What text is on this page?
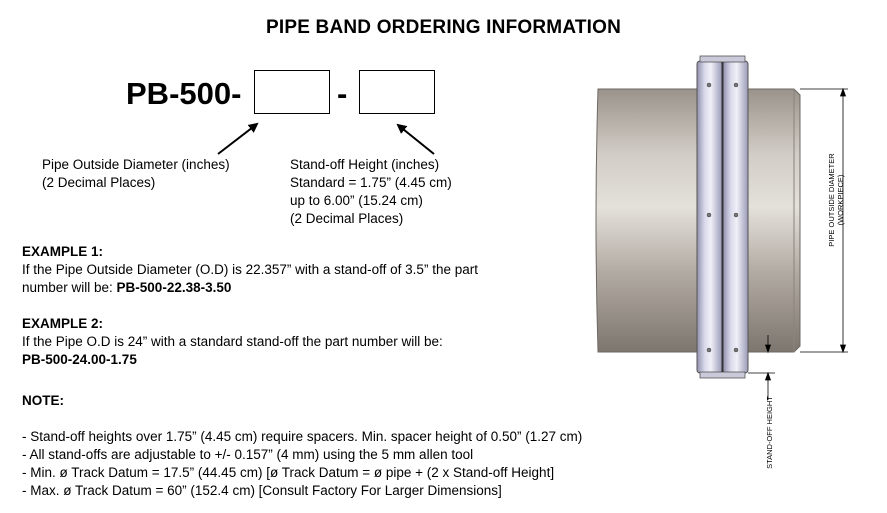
PIPE BAND ORDERING INFORMATION
PB-500-	-
Pipe Outside Diameter (inches)
(2 Decimal Places)
Stand-off Height (inches)
Standard = 1.75” (4.45 cm)
up to 6.00” (15.24 cm)
(2 Decimal Places)
EXAMPLE 1:
If the Pipe Outside Diameter (O.D) is 22.357” with a stand-off of 3.5” the part
number will be: PB-500-22.38-3.50
EXAMPLE 2:
If the Pipe O.D is 24” with a standard stand-off the part number will be:
PB-500-24.00-1.75
NOTE:
- Stand-off heights over 1.75” (4.45 cm) require spacers. Min. spacer height of 0.50” (1.27 cm)
- All stand-offs are adjustable to +/- 0.157” (4 mm) using the 5 mm allen tool
- Min. ø Track Datum = 17.5” (44.45 cm) [ø Track Datum = ø pipe + (2 x Stand-off Height]
- Max. ø Track Datum = 60” (152.4 cm) [Consult Factory For Larger Dimensions]
PIPE OUTSIDE DIAMETER (WORKPIECE)
STAND-OFF HEIGHT
